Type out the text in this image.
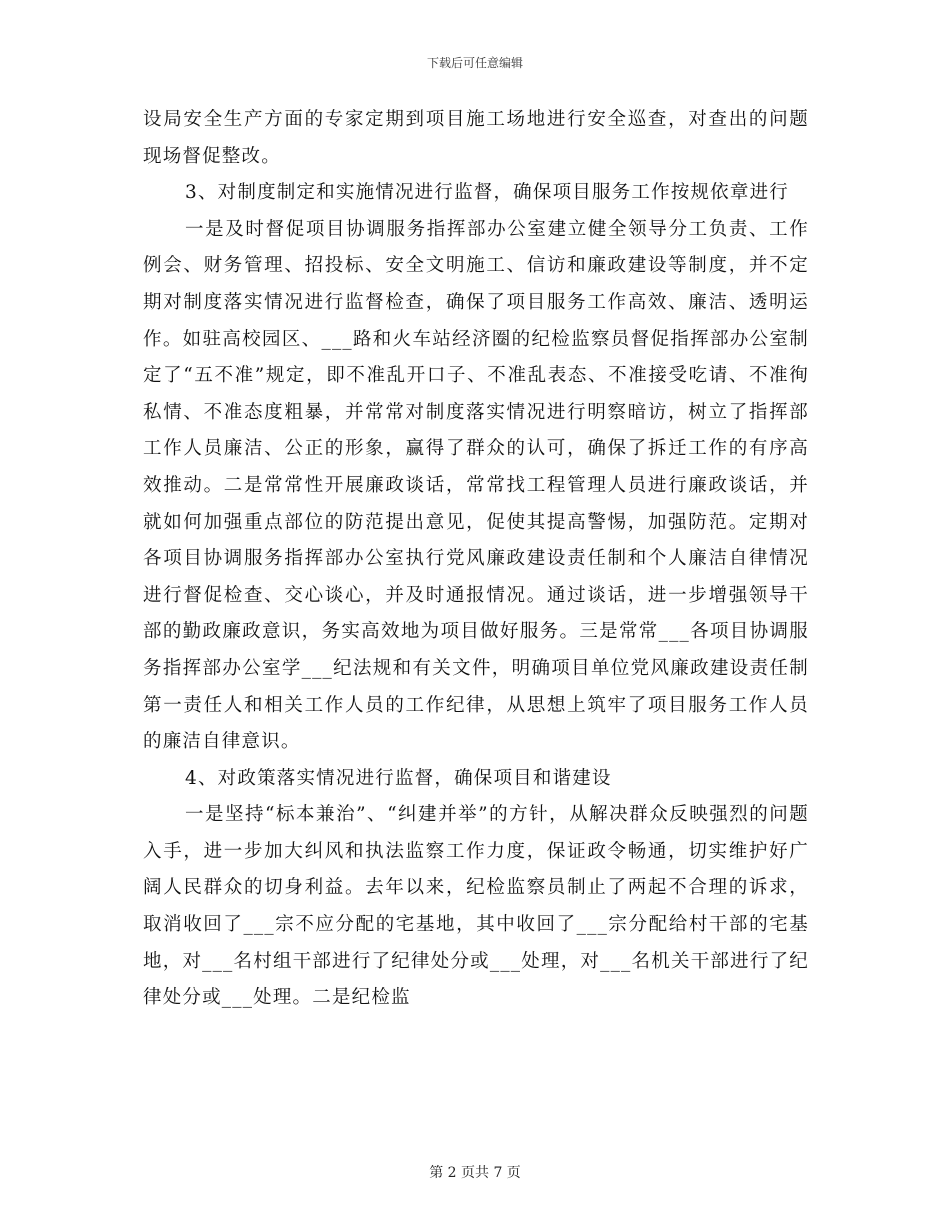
下载后可任意编辑

设局安全生产方面的专家定期到项目施工场地进行安全巡查，对查出的问题现场督促整改。

3、对制度制定和实施情况进行监督，确保项目服务工作按规依章进行

一是及时督促项目协调服务指挥部办公室建立健全领导分工负责、工作例会、财务管理、招投标、安全文明施工、信访和廉政建设等制度，并不定期对制度落实情况进行监督检查，确保了项目服务工作高效、廉洁、透明运作。如驻高校园区、___路和火车站经济圈的纪检监察员督促指挥部办公室制定了“五不准”规定，即不准乱开口子、不准乱表态、不准接受吃请、不准徇私情、不准态度粗暴，并常常对制度落实情况进行明察暗访，树立了指挥部工作人员廉洁、公正的形象，赢得了群众的认可，确保了拆迁工作的有序高效推动。二是常常性开展廉政谈话，常常找工程管理人员进行廉政谈话，并就如何加强重点部位的防范提出意见，促使其提高警惕，加强防范。定期对各项目协调服务指挥部办公室执行党风廉政建设责任制和个人廉洁自律情况进行督促检查、交心谈心，并及时通报情况。通过谈话，进一步增强领导干部的勤政廉政意识，务实高效地为项目做好服务。三是常常___各项目协调服务指挥部办公室学___纪法规和有关文件，明确项目单位党风廉政建设责任制第一责任人和相关工作人员的工作纪律，从思想上筑牢了项目服务工作人员的廉洁自律意识。

4、对政策落实情况进行监督，确保项目和谐建设

一是坚持“标本兼治”、“纠建并举”的方针，从解决群众反映强烈的问题入手，进一步加大纠风和执法监察工作力度，保证政令畅通，切实维护好广阔人民群众的切身利益。去年以来，纪检监察员制止了两起不合理的诉求，取消收回了___宗不应分配的宅基地，其中收回了___宗分配给村干部的宅基地，对___名村组干部进行了纪律处分或___处理，对___名机关干部进行了纪律处分或___处理。二是纪检监

第 2 页共 7 页
